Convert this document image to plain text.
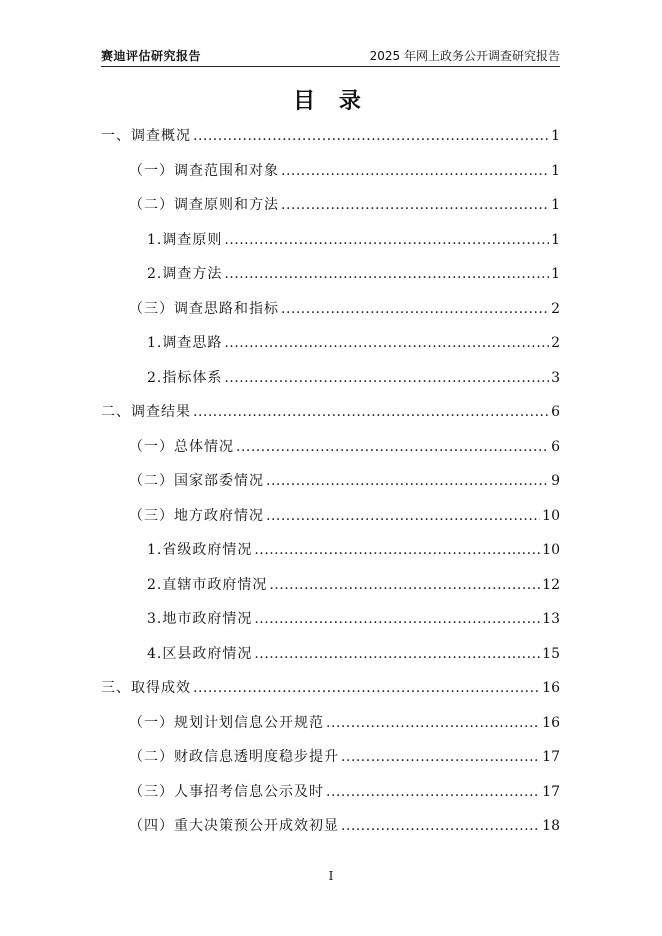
赛迪评估研究报告	2025 年网上政务公开调查研究报告
目 录
一、调查概况 .....	1
（一）调查范围和对象 .....	1
（二）调查原则和方法 .....	1
1.调查原则 .....	1
2.调查方法 .....	1
（三）调查思路和指标 .....	2
1.调查思路 .....	2
2.指标体系 .....	3
二、调查结果 .....	6
（一）总体情况 .....	6
（二）国家部委情况 .....	9
（三）地方政府情况 .....	10
1.省级政府情况 .....	10
2.直辖市政府情况 .....	12
3.地市政府情况 .....	13
4.区县政府情况 .....	15
三、取得成效 .....	16
（一）规划计划信息公开规范 .....	16
（二）财政信息透明度稳步提升 .....	17
（三）人事招考信息公示及时 .....	17
（四）重大决策预公开成效初显 .....	18
I
